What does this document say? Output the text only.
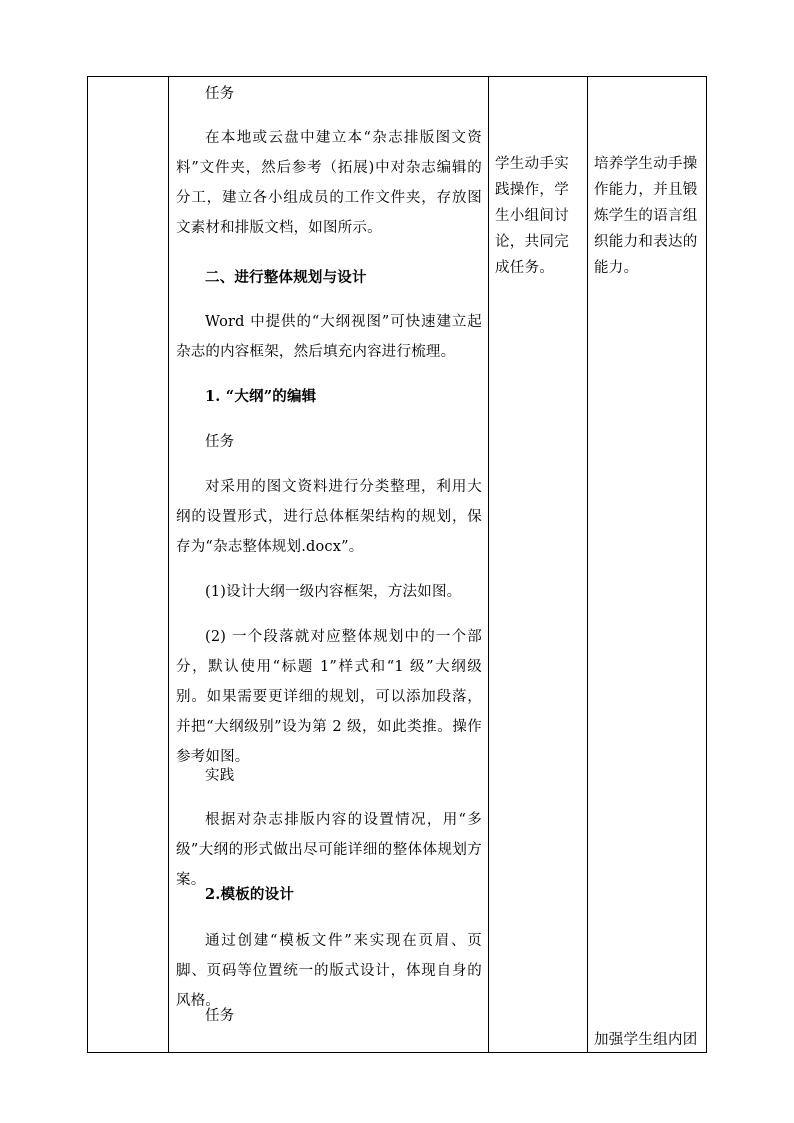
任务
在本地或云盘中建立本“杂志排版图文资料”文件夹，然后参考（拓展)中对杂志编辑的分工，建立各小组成员的工作文件夹，存放图文素材和排版文档，如图所示。
二、进行整体规划与设计
Word 中提供的“大纲视图”可快速建立起杂志的内容框架，然后填充内容进行梳理。
1. “大纲”的编辑
任务
对采用的图文资料进行分类整理，利用大纲的设置形式，进行总体框架结构的规划，保存为“杂志整体规划.docx”。
(1)设计大纲一级内容框架，方法如图。
(2) 一个段落就对应整体规划中的一个部分，默认使用“标题 1”样式和“1 级”大纲级别。如果需要更详细的规划，可以添加段落，并把“大纲级别”设为第 2 级，如此类推。操作参考如图。
实践
根据对杂志排版内容的设置情况，用“多级”大纲的形式做出尽可能详细的整体体规划方案。
2.模板的设计
通过创建“模板文件”来实现在页眉、页脚、页码等位置统一的版式设计，体现自身的风格。
任务
学生动手实践操作，学生小组间讨论，共同完成任务。
培养学生动手操作能力，并且锻炼学生的语言组织能力和表达的能力。
加强学生组内团
